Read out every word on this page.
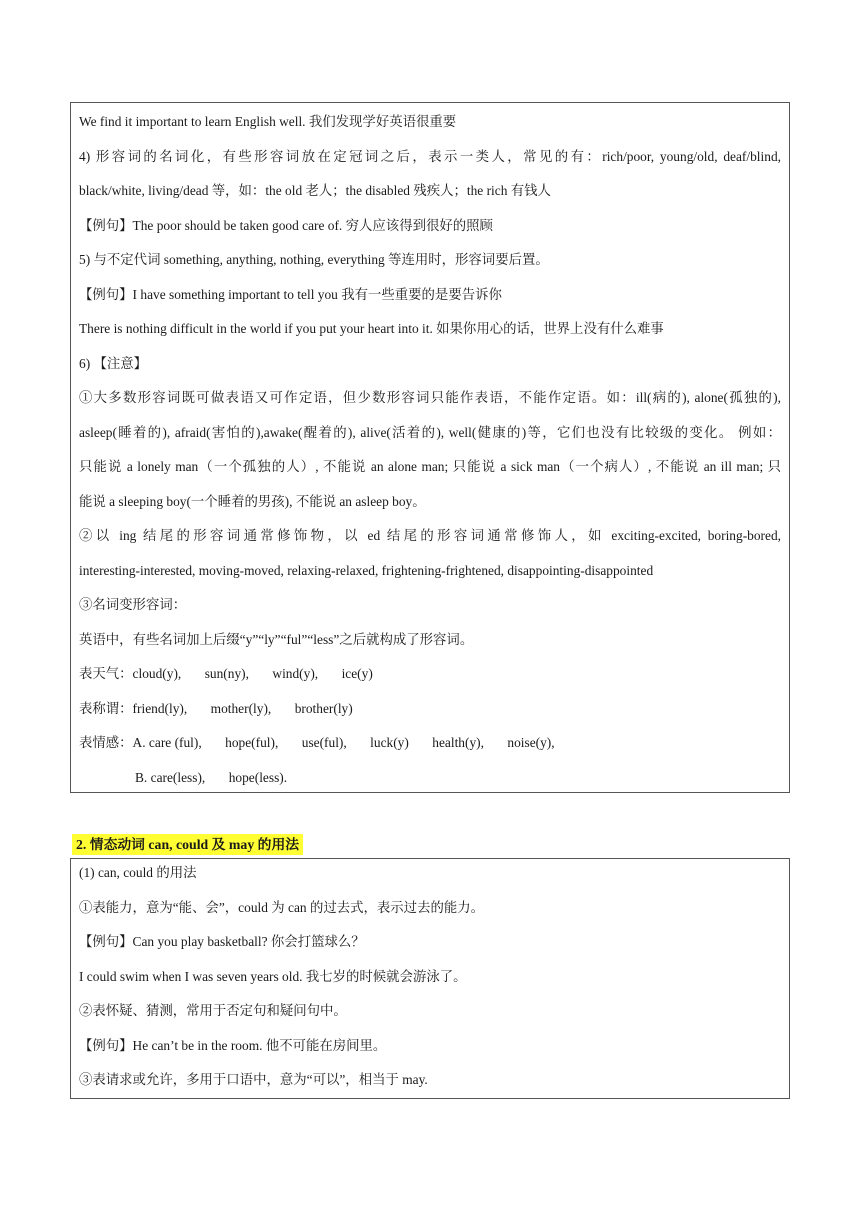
We find it important to learn English well. 我们发现学好英语很重要
4) 形容词的名词化，有些形容词放在定冠词之后，表示一类人，常见的有：rich/poor, young/old, deaf/blind,
black/white, living/dead 等，如：the old 老人；the disabled 残疾人；the rich 有钱人
【例句】The poor should be taken good care of. 穷人应该得到很好的照顾
5) 与不定代词 something, anything, nothing, everything 等连用时，形容词要后置。
【例句】I have something important to tell you 我有一些重要的是要告诉你
There is nothing difficult in the world if you put your heart into it. 如果你用心的话，世界上没有什么难事
6) 【注意】
①大多数形容词既可做表语又可作定语，但少数形容词只能作表语，不能作定语。如：ill(病的), alone(孤独的),
asleep(睡着的), afraid(害怕的),awake(醒着的), alive(活着的), well(健康的)等，它们也没有比较级的变化。 例如：
只能说 a lonely man（一个孤独的人）, 不能说 an alone man; 只能说 a sick man（一个病人）, 不能说 an ill man; 只
能说 a sleeping boy(一个睡着的男孩), 不能说 an asleep boy。
②以 ing 结尾的形容词通常修饰物，以 ed 结尾的形容词通常修饰人，如 exciting-excited, boring-bored,
interesting-interested, moving-moved, relaxing-relaxed, frightening-frightened, disappointing-disappointed
③名词变形容词：
英语中，有些名词加上后缀“y”“ly”“ful”“less”之后就构成了形容词。
表天气：cloud(y),       sun(ny),       wind(y),       ice(y)
表称谓：friend(ly),       mother(ly),       brother(ly)
表情感：A. care (ful),       hope(ful),       use(ful),       luck(y)       health(y),       noise(y),
B. care(less),       hope(less).
2. 情态动词 can, could 及 may 的用法
(1) can, could 的用法
①表能力，意为“能、会”，could 为 can 的过去式，表示过去的能力。
【例句】Can you play basketball? 你会打篮球么？
I could swim when I was seven years old. 我七岁的时候就会游泳了。
②表怀疑、猜测，常用于否定句和疑问句中。
【例句】He can’t be in the room. 他不可能在房间里。
③表请求或允许，多用于口语中，意为“可以”，相当于 may.
